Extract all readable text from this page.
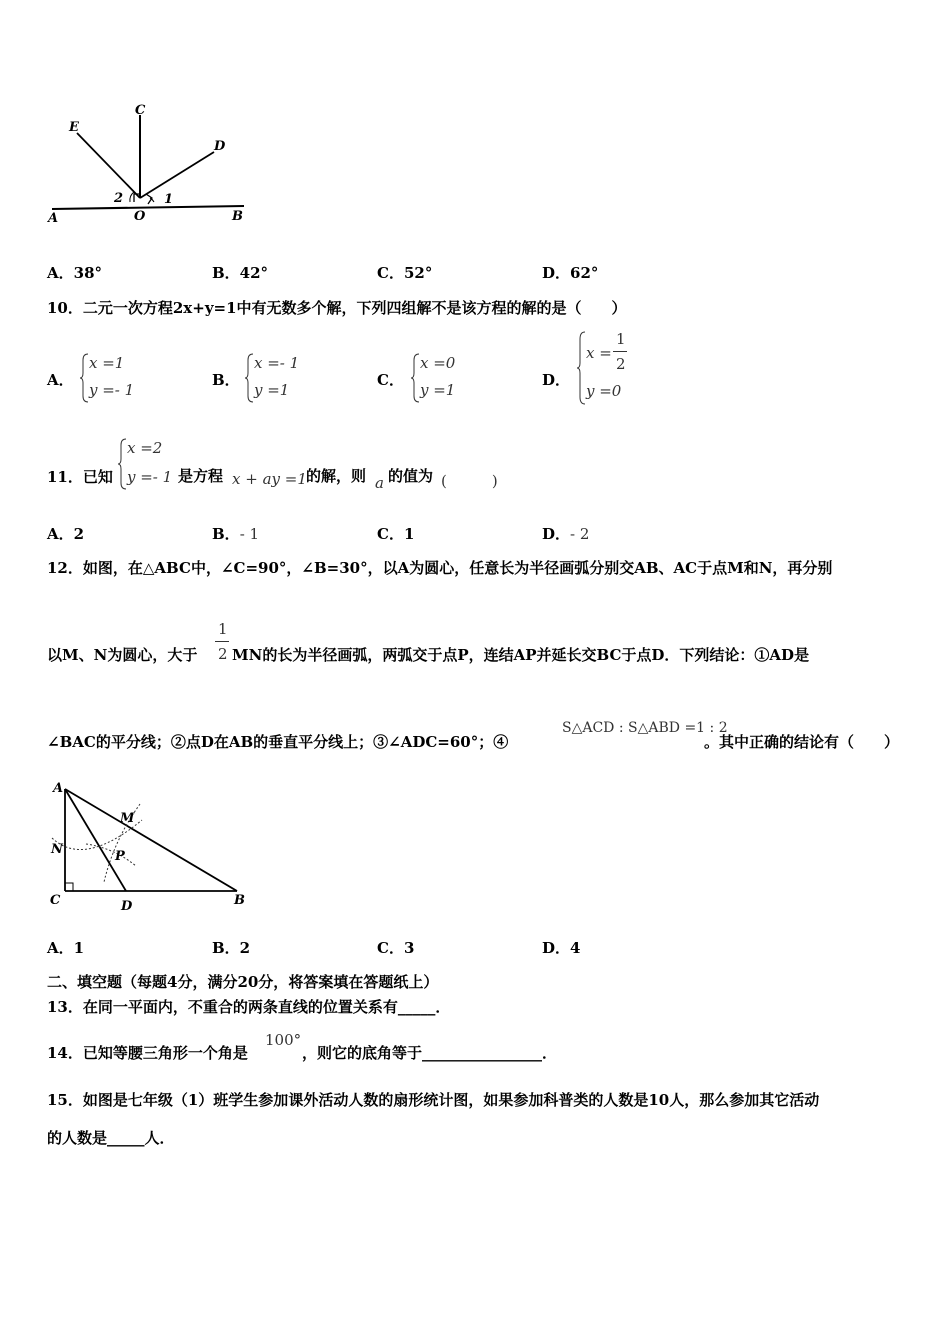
C
E
D
2	1
A	O	B
A．38°	B．42°	C．52°	D．62°
10．二元一次方程2x+y=1中有无数多个解，下列四组解不是该方程的解的是（　　）
A．
x =1
y =- 1
B．
x =- 1
y =1
C．
x =0
y =1
D．
x =
1
2
y =0
11．已知
x =2
y =- 1 是方程 x + ay =1 的解，则 a 的值为 (　　　)
A．2	B．- 1	C．1	D．- 2
12．如图，在△ABC中，∠C=90°，∠B=30°，以A为圆心，任意长为半径画弧分别交AB、AC于点M和N，再分别
以M、N为圆心，大于
1
2 MN的长为半径画弧，两弧交于点P，连结AP并延长交BC于点D．下列结论：①AD是
∠BAC的平分线；②点D在AB的垂直平分线上；③∠ADC=60°；④
S△ACD : S△ABD =1 : 2
。其中正确的结论有（　　）
A
M
N	P
C	D	B
A．1	B．2	C．3	D．4
二、填空题（每题4分，满分20分，将答案填在答题纸上）
13．在同一平面内，不重合的两条直线的位置关系有_____．
14．已知等腰三角形一个角是
100°
，则它的底角等于________________．
15．如图是七年级（1）班学生参加课外活动人数的扇形统计图，如果参加科普类的人数是10人，那么参加其它活动
的人数是_____人．
